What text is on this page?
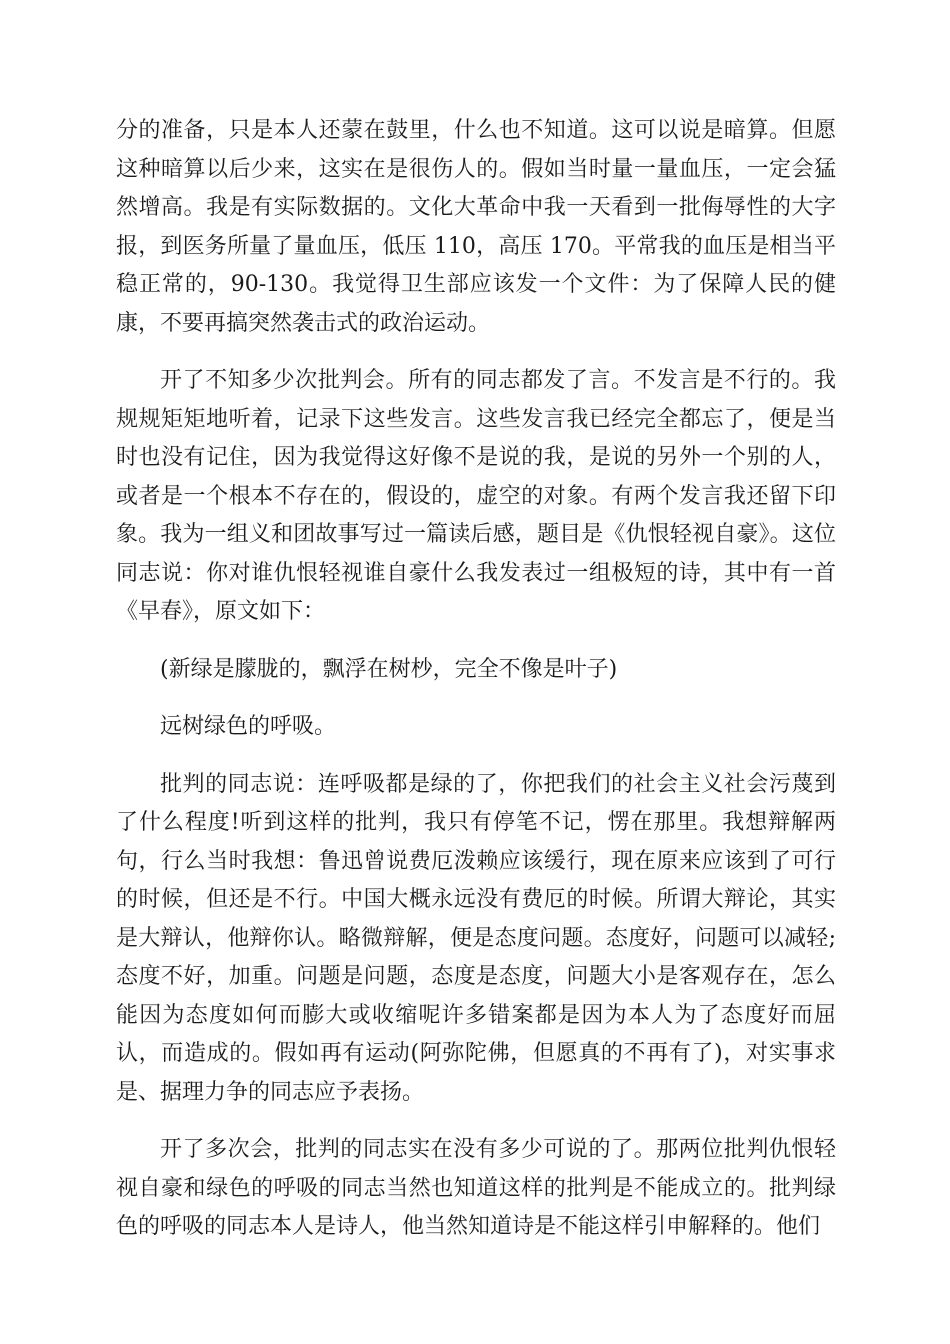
分的准备，只是本人还蒙在鼓里，什么也不知道。这可以说是暗算。但愿这种暗算以后少来，这实在是很伤人的。假如当时量一量血压，一定会猛然增高。我是有实际数据的。文化大革命中我一天看到一批侮辱性的大字报，到医务所量了量血压，低压 110，高压 170。平常我的血压是相当平稳正常的，90-130。我觉得卫生部应该发一个文件：为了保障人民的健康，不要再搞突然袭击式的政治运动。

开了不知多少次批判会。所有的同志都发了言。不发言是不行的。我规规矩矩地听着，记录下这些发言。这些发言我已经完全都忘了，便是当时也没有记住，因为我觉得这好像不是说的我，是说的另外一个别的人，或者是一个根本不存在的，假设的，虚空的对象。有两个发言我还留下印象。我为一组义和团故事写过一篇读后感，题目是《仇恨轻视自豪》。这位同志说：你对谁仇恨轻视谁自豪什么我发表过一组极短的诗，其中有一首《早春》，原文如下：

(新绿是朦胧的，飘浮在树杪，完全不像是叶子)

远树绿色的呼吸。

批判的同志说：连呼吸都是绿的了，你把我们的社会主义社会污蔑到了什么程度!听到这样的批判，我只有停笔不记，愣在那里。我想辩解两句，行么当时我想：鲁迅曾说费厄泼赖应该缓行，现在原来应该到了可行的时候，但还是不行。中国大概永远没有费厄的时候。所谓大辩论，其实是大辩认，他辩你认。略微辩解，便是态度问题。态度好，问题可以减轻;态度不好，加重。问题是问题，态度是态度，问题大小是客观存在，怎么能因为态度如何而膨大或收缩呢许多错案都是因为本人为了态度好而屈认，而造成的。假如再有运动(阿弥陀佛，但愿真的不再有了)，对实事求是、据理力争的同志应予表扬。

开了多次会，批判的同志实在没有多少可说的了。那两位批判仇恨轻视自豪和绿色的呼吸的同志当然也知道这样的批判是不能成立的。批判绿色的呼吸的同志本人是诗人，他当然知道诗是不能这样引申解释的。他们
